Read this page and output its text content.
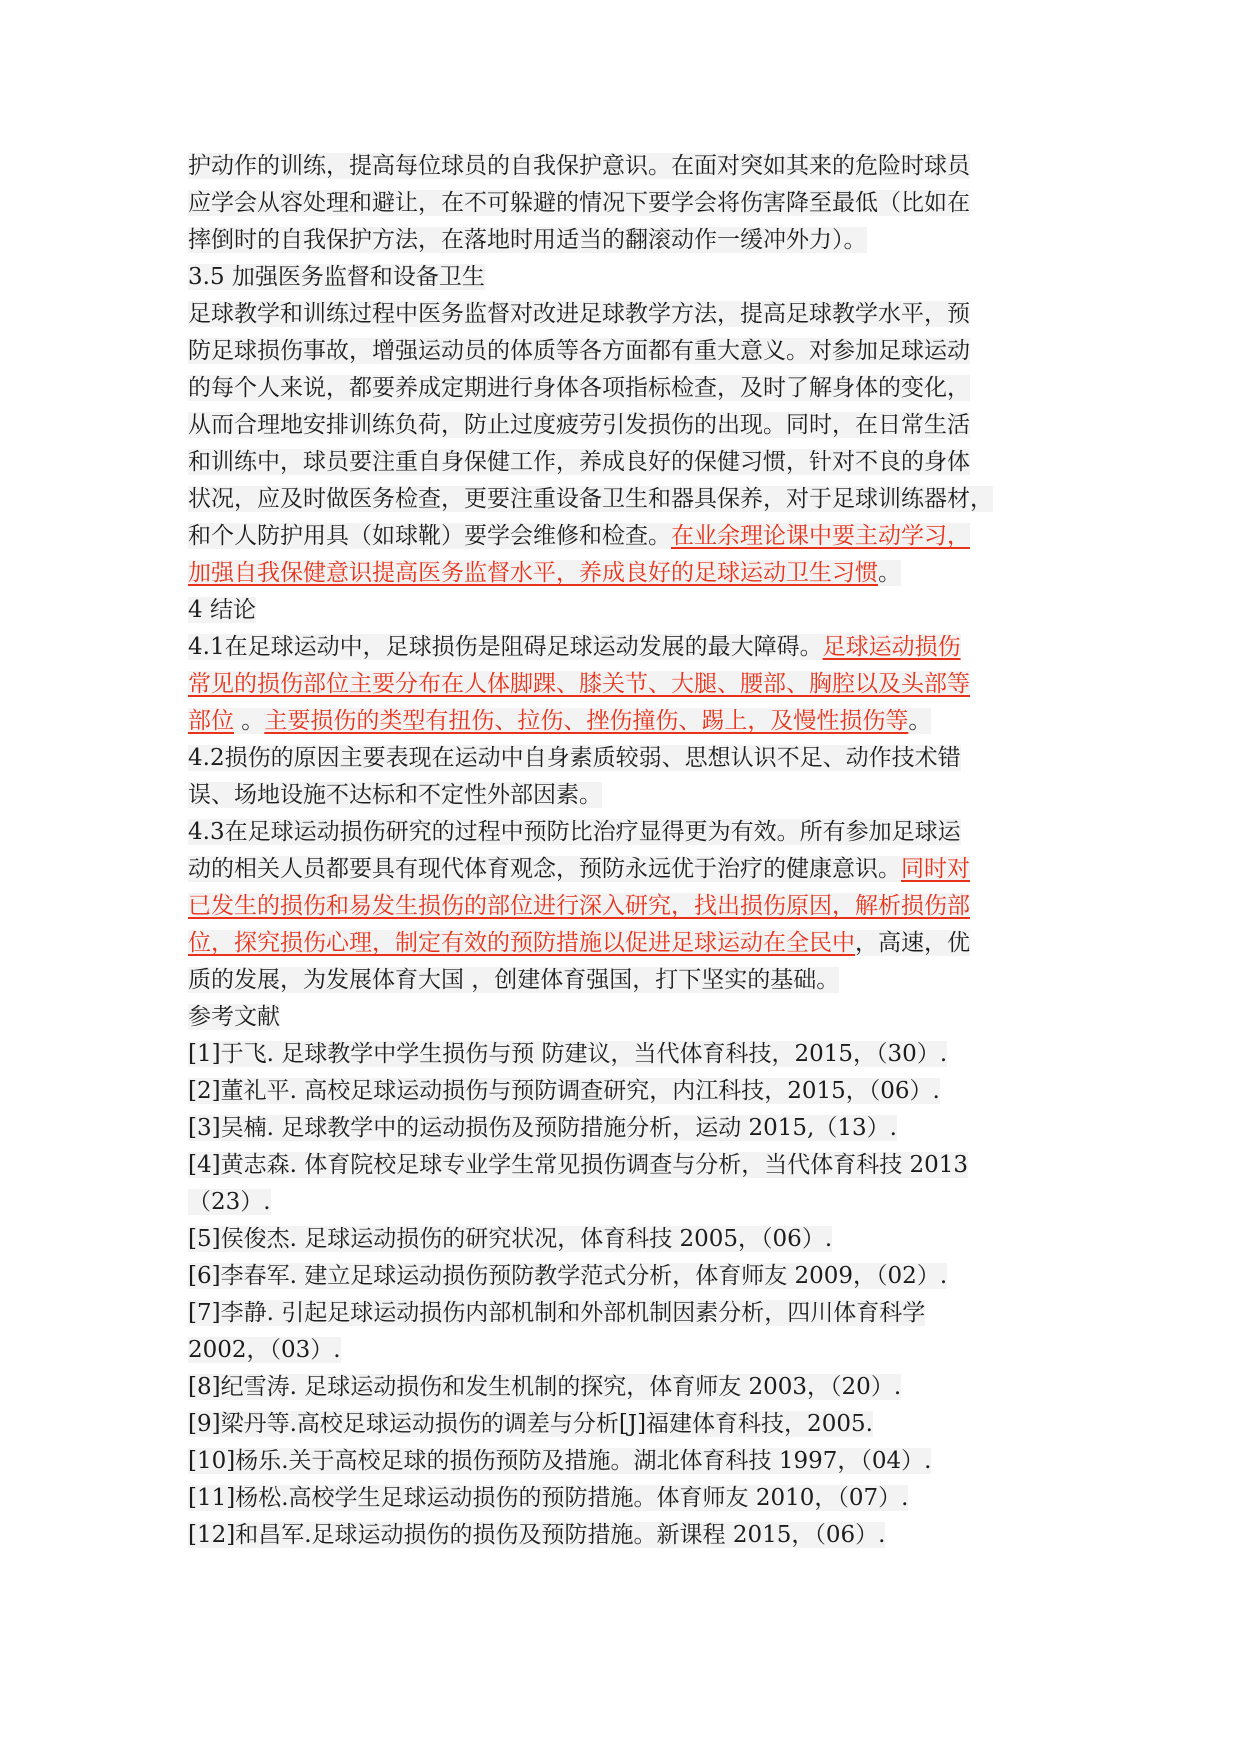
护动作的训练，提高每位球员的自我保护意识。在面对突如其来的危险时球员
应学会从容处理和避让，在不可躲避的情况下要学会将伤害降至最低（比如在
摔倒时的自我保护方法，在落地时用适当的翻滚动作一缓冲外力）。
3.5 加强医务监督和设备卫生
足球教学和训练过程中医务监督对改进足球教学方法，提高足球教学水平，预
防足球损伤事故，增强运动员的体质等各方面都有重大意义。对参加足球运动
的每个人来说，都要养成定期进行身体各项指标检查，及时了解身体的变化，
从而合理地安排训练负荷，防止过度疲劳引发损伤的出现。同时，在日常生活
和训练中，球员要注重自身保健工作，养成良好的保健习惯，针对不良的身体
状况，应及时做医务检查，更要注重设备卫生和器具保养，对于足球训练器材，
和个人防护用具（如球靴）要学会维修和检查。在业余理论课中要主动学习，
加强自我保健意识提高医务监督水平，养成良好的足球运动卫生习惯。
4 结论
4.1在足球运动中，足球损伤是阻碍足球运动发展的最大障碍。足球运动损伤
常见的损伤部位主要分布在人体脚踝、膝关节、大腿、腰部、胸腔以及头部等
部位 。主要损伤的类型有扭伤、拉伤、挫伤撞伤、踢上，及慢性损伤等。
4.2损伤的原因主要表现在运动中自身素质较弱、思想认识不足、动作技术错
误、场地设施不达标和不定性外部因素。
4.3在足球运动损伤研究的过程中预防比治疗显得更为有效。所有参加足球运
动的相关人员都要具有现代体育观念，预防永远优于治疗的健康意识。同时对
已发生的损伤和易发生损伤的部位进行深入研究，找出损伤原因，解析损伤部
位，探究损伤心理，制定有效的预防措施以促进足球运动在全民中，高速，优
质的发展，为发展体育大国 ，创建体育强国，打下坚实的基础。
参考文献
[1]于飞. 足球教学中学生损伤与预 防建议，当代体育科技，2015，（30）.
[2]董礼平. 高校足球运动损伤与预防调查研究，内江科技，2015，（06）.
[3]吴楠. 足球教学中的运动损伤及预防措施分析，运动 2015,（13）.
[4]黄志森. 体育院校足球专业学生常见损伤调查与分析，当代体育科技 2013
（23）.
[5]侯俊杰. 足球运动损伤的研究状况，体育科技 2005，（06）.
[6]李春军. 建立足球运动损伤预防教学范式分析，体育师友 2009，（02）.
[7]李静. 引起足球运动损伤内部机制和外部机制因素分析，四川体育科学
2002，（03）.
[8]纪雪涛. 足球运动损伤和发生机制的探究，体育师友 2003，（20）.
[9]梁丹等.高校足球运动损伤的调差与分析[J]福建体育科技，2005.
[10]杨乐.关于高校足球的损伤预防及措施。湖北体育科技 1997，（04）.
[11]杨松.高校学生足球运动损伤的预防措施。体育师友 2010，（07）.
[12]和昌军.足球运动损伤的损伤及预防措施。新课程 2015，（06）.
